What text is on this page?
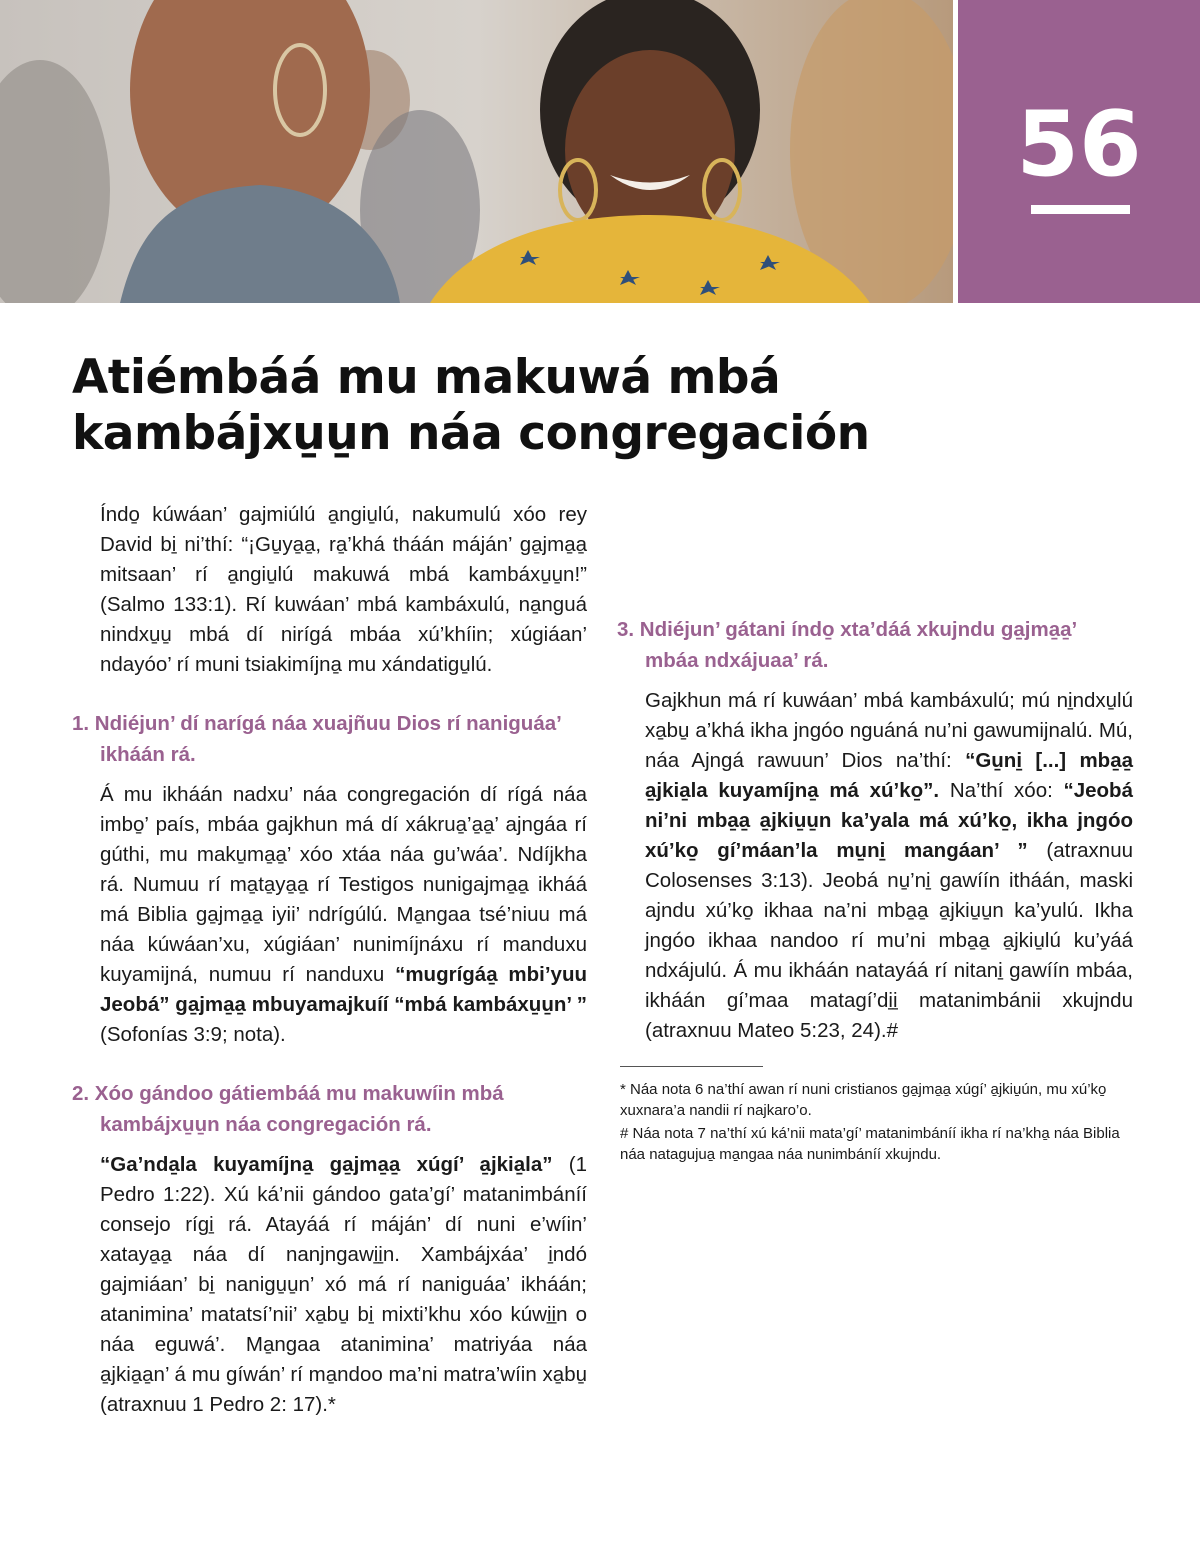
56
Atiémbáá mu makuwá mbá
kambájxu̱u̱n náa congregación

Índo̱ kúwáan’ gajmiúlú a̱ngiu̱lú, nakumulú xóo rey David bi̱ ni’thí: “¡Gu̱ya̱a̱, ra̱’khá tháán máján’ ga̱jma̱a̱ mitsaan’ rí a̱ngiu̱lú makuwá mbá kambáxu̱u̱n!” (Salmo 133:1). Rí kuwáan’ mbá kambáxulú, na̱nguá nindxu̱u̱ mbá dí nirígá mbáa xú’khíin; xúgiáan’ ndayóo’ rí muni tsiakimíjna̱ mu xándatigu̱lú.

1. Ndiéjun’ dí narígá náa xuajñuu Dios rí naniguáa’ ikháán rá.

Á mu ikháán nadxu’ náa congregación dí rígá náa imbo̱’ país, mbáa gajkhun má dí xákrua̱’a̱a̱’ ajngáa rí gúthi, mu maku̱ma̱a̱’ xóo xtáa náa gu’wáa’. Ndíjkha rá. Numuu rí ma̱ta̱ya̱a̱ rí Testigos nunigajma̱a̱ ikháá má Biblia ga̱jma̱a̱ iyii’ ndrígúlú. Ma̱ngaa tsé’niuu má náa kúwáan’xu, xúgiáan’ nunimíjnáxu rí manduxu kuyamijná, numuu rí nanduxu “mugrígáa̱ mbi’yuu Jeobá” ga̱jma̱a̱ mbuyamajkuíí “mbá kambáxu̱u̱n’ ” (Sofonías 3:9; nota).

2. Xóo gándoo gátiembáá mu makuwíin mbá kambájxu̱u̱n náa congregación rá.

“Ga’nda̱la kuyamíjna̱ ga̱jma̱a̱ xúgí’ a̱jkia̱la” (1 Pedro 1:22). Xú ká’nii gándoo gata’gí’ matanimbáníí consejo rígi̱ rá. Atayáá rí máján’ dí nuni e’wíin’ xataya̱a̱ náa dí nanjngawi̱i̱n. Xambájxáa’ i̱ndó gajmiáan’ bi̱ nanigu̱u̱n’ xó má rí naniguáa’ ikháán; atanimina’ matatsí’nii’ xa̱bu̱ bi̱ mixti’khu xóo kúwi̱i̱n o náa eguwá’. Ma̱ngaa atanimina’ matriyáa náa a̱jkia̱a̱n’ á mu gíwán’ rí ma̱ndoo ma’ni matra’wíin xa̱bu̱ (atraxnuu 1 Pedro 2: 17).*

3. Ndiéjun’ gátani índo̱ xta’dáá xkujndu ga̱jma̱a̱’ mbáa ndxájuaa’ rá.

Gajkhun má rí kuwáan’ mbá kambáxulú; mú ni̱ndxu̱lú xa̱bu̱ a’khá ikha jngóo nguáná nu’ni gawumijnalú. Mú, náa Ajngá rawuun’ Dios na’thí: “Gu̱ni̱ [...] mba̱a̱ a̱jkia̱la kuyamíjna̱ má xú’ko̱”. Na’thí xóo: “Jeobá ni’ni mba̱a̱ a̱jkiu̱u̱n ka’yala má xú’ko̱, ikha jngóo xú’ko̱ gí’máan’la mu̱ni̱ mangáan’ ” (atraxnuu Colosenses 3:13). Jeobá nu̱’ni̱ gawíín itháán, maski ajndu xú’ko̱ ikhaa na’ni mba̱a̱ a̱jkiu̱u̱n ka’yulú. Ikha jngóo ikhaa nandoo rí mu’ni mba̱a̱ a̱jkiu̱lú ku’yáá ndxájulú. Á mu ikháán natayáá rí nitani̱ gawíín mbáa, ikháán gí’maa matagí’di̱i̱ matanimbánii xkujndu (atraxnuu Mateo 5:23, 24).#

* Náa nota 6 na’thí awan rí nuni cristianos ga̱jma̱a̱ xúgí’ a̱jkiu̱ún, mu xú’ko̱ xuxnara’a nandii rí najkaro’o.

# Náa nota 7 na’thí xú ká’nii mata’gí’ matanimbáníí ikha rí na’kha̱ náa Biblia náa natagujua̱ ma̱ngaa náa nunimbáníí xkujndu.
